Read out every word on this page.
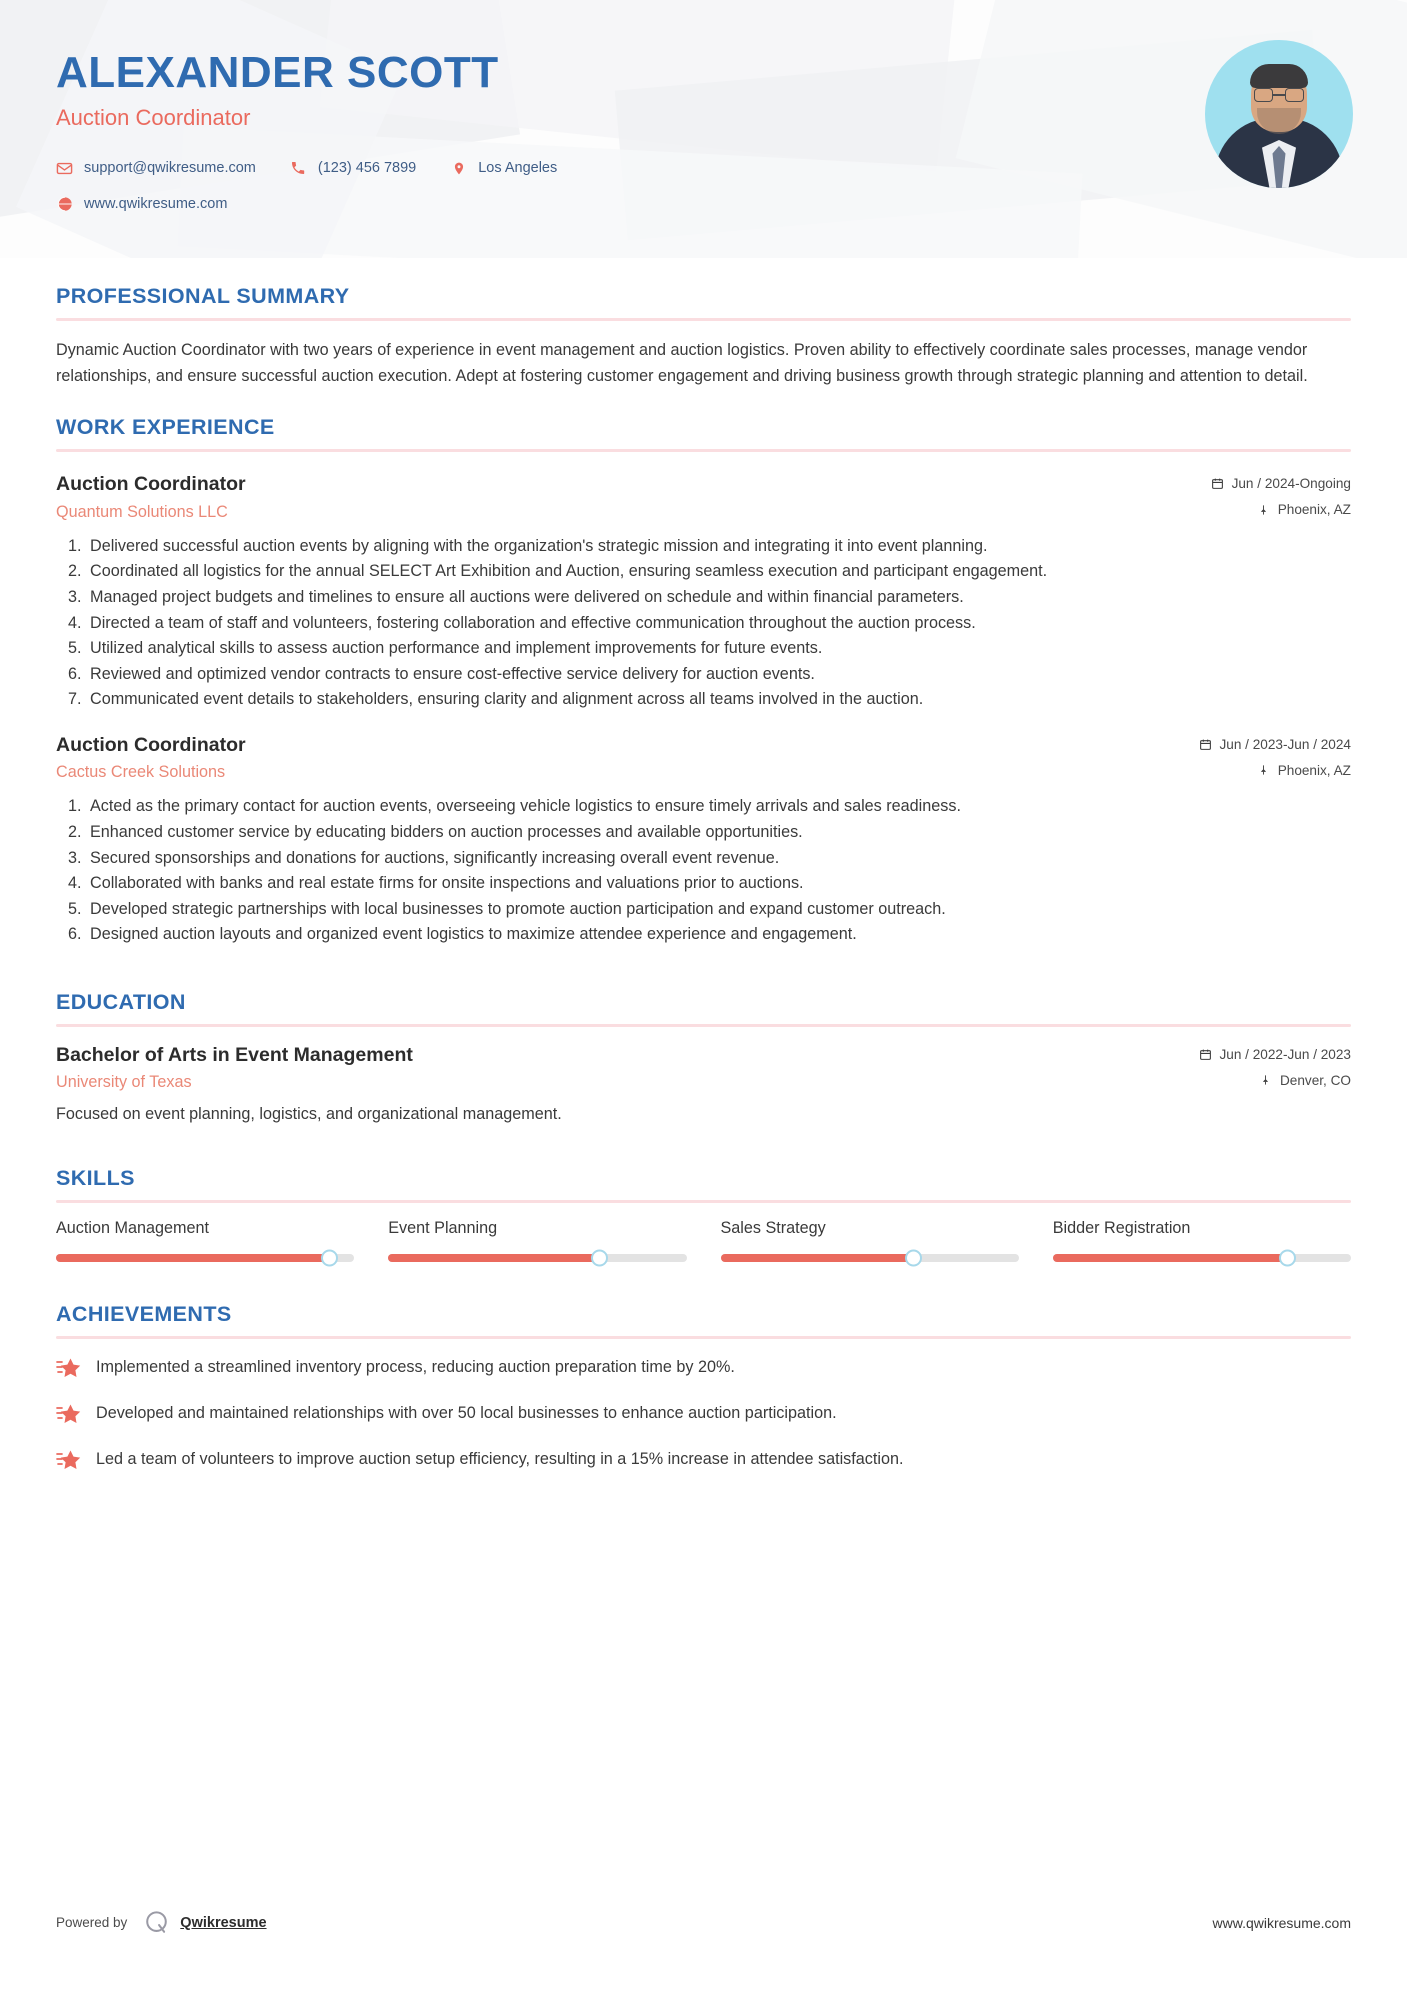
ALEXANDER SCOTT
Auction Coordinator
support@qwikresume.com	(123) 456 7899	Los Angeles
www.qwikresume.com
PROFESSIONAL SUMMARY
Dynamic Auction Coordinator with two years of experience in event management and auction logistics. Proven ability to effectively coordinate sales processes, manage vendor relationships, and ensure successful auction execution. Adept at fostering customer engagement and driving business growth through strategic planning and attention to detail.
WORK EXPERIENCE
Auction Coordinator
Quantum Solutions LLC
Jun / 2024-Ongoing
Phoenix, AZ
1. Delivered successful auction events by aligning with the organization's strategic mission and integrating it into event planning.
2. Coordinated all logistics for the annual SELECT Art Exhibition and Auction, ensuring seamless execution and participant engagement.
3. Managed project budgets and timelines to ensure all auctions were delivered on schedule and within financial parameters.
4. Directed a team of staff and volunteers, fostering collaboration and effective communication throughout the auction process.
5. Utilized analytical skills to assess auction performance and implement improvements for future events.
6. Reviewed and optimized vendor contracts to ensure cost-effective service delivery for auction events.
7. Communicated event details to stakeholders, ensuring clarity and alignment across all teams involved in the auction.
Auction Coordinator
Cactus Creek Solutions
Jun / 2023-Jun / 2024
Phoenix, AZ
1. Acted as the primary contact for auction events, overseeing vehicle logistics to ensure timely arrivals and sales readiness.
2. Enhanced customer service by educating bidders on auction processes and available opportunities.
3. Secured sponsorships and donations for auctions, significantly increasing overall event revenue.
4. Collaborated with banks and real estate firms for onsite inspections and valuations prior to auctions.
5. Developed strategic partnerships with local businesses to promote auction participation and expand customer outreach.
6. Designed auction layouts and organized event logistics to maximize attendee experience and engagement.
EDUCATION
Bachelor of Arts in Event Management
University of Texas
Jun / 2022-Jun / 2023
Denver, CO
Focused on event planning, logistics, and organizational management.
SKILLS
Auction Management	Event Planning	Sales Strategy	Bidder Registration
ACHIEVEMENTS
Implemented a streamlined inventory process, reducing auction preparation time by 20%.
Developed and maintained relationships with over 50 local businesses to enhance auction participation.
Led a team of volunteers to improve auction setup efficiency, resulting in a 15% increase in attendee satisfaction.
Powered by	Qwikresume	www.qwikresume.com
